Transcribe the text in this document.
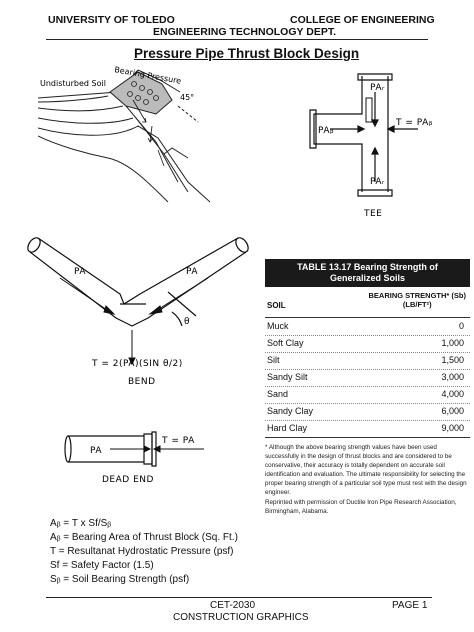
UNIVERSITY OF TOLEDO	COLLEGE OF ENGINEERING
ENGINEERING TECHNOLOGY DEPT.
Pressure Pipe Thrust Block Design
Undisturbed Soil Bearing Pressure
45°
PAᵣ
PAᵣ
PAᵦ
T = PAᵦ
TEE
PA	PA
θ
T = 2(PA)(SIN θ/2)
BEND
PA
T = PA
DEAD END
TABLE 13.17 Bearing Strength of
Generalized Soils
SOIL
BEARING STRENGTH* (Sb)
(LB/FT²)
Muck	0
Soft Clay	1,000
Silt	1,500
Sandy Silt	3,000
Sand	4,000
Sandy Clay	6,000
Hard Clay	9,000
* Although the above bearing strength values have been used successfully in the design of thrust blocks and are considered to be conservative, their accuracy is totally dependent on accurate soil identification and evaluation. The ultimate responsibility for selecting the proper bearing strength of a particular soil type must rest with the design engineer.
Reprinted with permission of Ductile Iron Pipe Research Association, Birmingham, Alabama.
Aᵦ = T x Sf/Sᵦ
Aᵦ = Bearing Area of Thrust Block (Sq. Ft.)
T = Resultanat Hydrostatic Pressure (psf)
Sf = Safety Factor (1.5)
Sᵦ = Soil Bearing Strength (psf)
CET-2030
CONSTRUCTION GRAPHICS
PAGE 1
